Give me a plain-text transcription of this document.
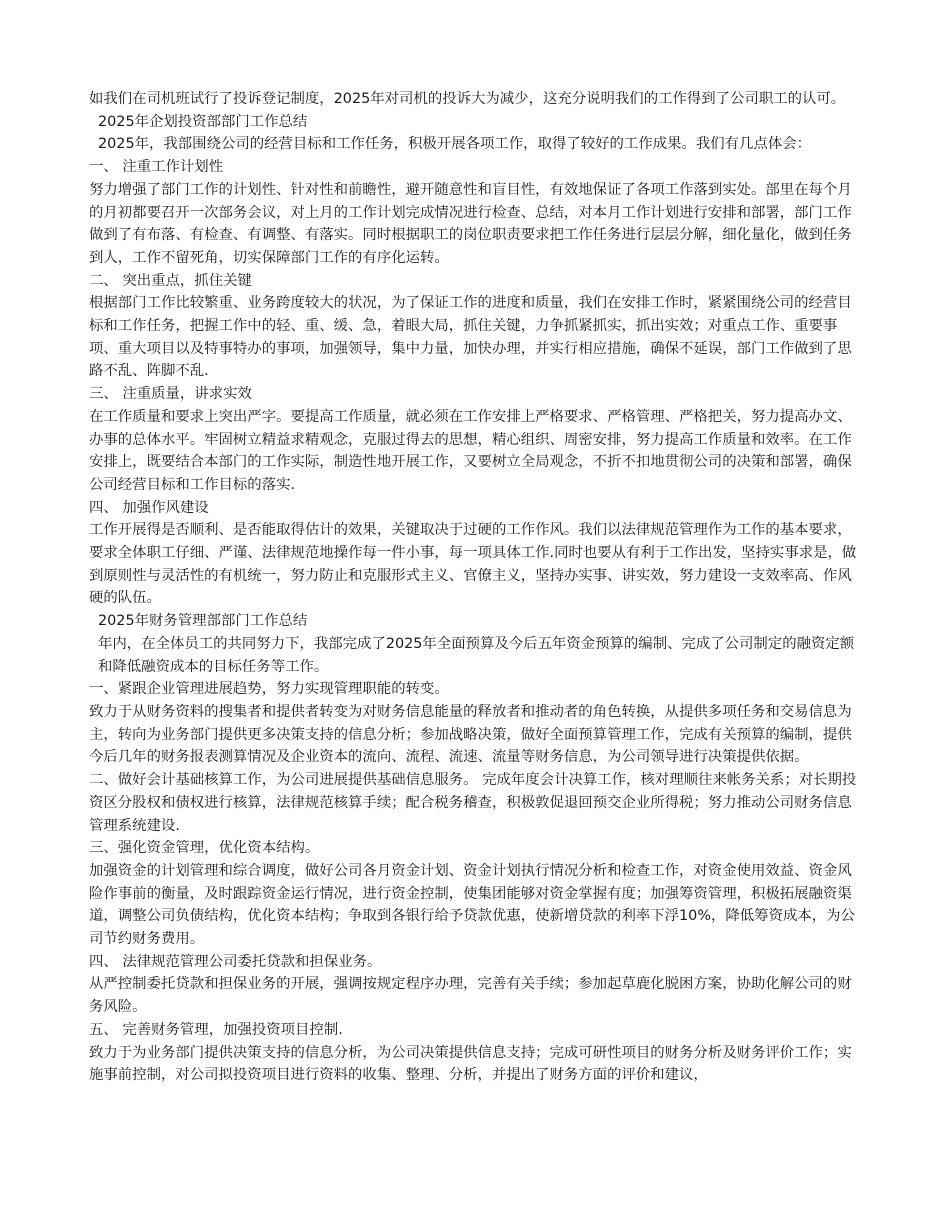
如我们在司机班试行了投诉登记制度，2025年对司机的投诉大为减少，这充分说明我们的工作得到了公司职工的认可。

2025年企划投资部部门工作总结

2025年，我部围绕公司的经营目标和工作任务，积极开展各项工作，取得了较好的工作成果。我们有几点体会：

一、 注重工作计划性

努力增强了部门工作的计划性、针对性和前瞻性，避开随意性和盲目性，有效地保证了各项工作落到实处。部里在每个月的月初都要召开一次部务会议，对上月的工作计划完成情况进行检查、总结，对本月工作计划进行安排和部署，部门工作做到了有布落、有检查、有调整、有落实。同时根据职工的岗位职责要求把工作任务进行层层分解，细化量化，做到任务到人，工作不留死角，切实保障部门工作的有序化运转。

二、 突出重点，抓住关键

根据部门工作比较繁重、业务跨度较大的状况，为了保证工作的进度和质量，我们在安排工作时，紧紧围绕公司的经营目标和工作任务，把握工作中的轻、重、缓、急，着眼大局，抓住关键，力争抓紧抓实，抓出实效；对重点工作、重要事项、重大项目以及特事特办的事项，加强领导，集中力量，加快办理，并实行相应措施，确保不延误，部门工作做到了思路不乱、阵脚不乱.

三、 注重质量，讲求实效

在工作质量和要求上突出严字。要提高工作质量，就必须在工作安排上严格要求、严格管理、严格把关，努力提高办文、办事的总体水平。牢固树立精益求精观念，克服过得去的思想，精心组织、周密安排，努力提高工作质量和效率。在工作安排上，既要结合本部门的工作实际，制造性地开展工作，又要树立全局观念，不折不扣地贯彻公司的决策和部署，确保公司经营目标和工作目标的落实.

四、 加强作风建设

工作开展得是否顺利、是否能取得估计的效果，关键取决于过硬的工作作风。我们以法律规范管理作为工作的基本要求，要求全体职工仔细、严谨、法律规范地操作每一件小事，每一项具体工作.同时也要从有利于工作出发，坚持实事求是，做到原则性与灵活性的有机统一，努力防止和克服形式主义、官僚主义，坚持办实事、讲实效，努力建设一支效率高、作风硬的队伍。

2025年财务管理部部门工作总结

年内，在全体员工的共同努力下，我部完成了2025年全面预算及今后五年资金预算的编制、完成了公司制定的融资定额和降低融资成本的目标任务等工作。

一、紧跟企业管理进展趋势，努力实现管理职能的转变。

致力于从财务资料的搜集者和提供者转变为对财务信息能量的释放者和推动者的角色转换，从提供多项任务和交易信息为主，转向为业务部门提供更多决策支持的信息分析；参加战略决策，做好全面预算管理工作，完成有关预算的编制，提供今后几年的财务报表测算情况及企业资本的流向、流程、流速、流量等财务信息，为公司领导进行决策提供依据。

二、做好会计基础核算工作，为公司进展提供基础信息服务。 完成年度会计决算工作，核对理顺往来帐务关系；对长期投资区分股权和债权进行核算，法律规范核算手续；配合税务稽查，积极敦促退回预交企业所得税；努力推动公司财务信息管理系统建设.

三、强化资金管理，优化资本结构。

加强资金的计划管理和综合调度，做好公司各月资金计划、资金计划执行情况分析和检查工作，对资金使用效益、资金风险作事前的衡量，及时跟踪资金运行情况，进行资金控制，使集团能够对资金掌握有度；加强筹资管理，积极拓展融资渠道，调整公司负债结构，优化资本结构；争取到各银行给予贷款优惠，使新增贷款的利率下浮10%，降低筹资成本，为公司节约财务费用。

四、 法律规范管理公司委托贷款和担保业务。

从严控制委托贷款和担保业务的开展，强调按规定程序办理，完善有关手续；参加起草鹿化脱困方案，协助化解公司的财务风险。

五、 完善财务管理，加强投资项目控制.

致力于为业务部门提供决策支持的信息分析，为公司决策提供信息支持；完成可研性项目的财务分析及财务评价工作；实施事前控制，对公司拟投资项目进行资料的收集、整理、分析，并提出了财务方面的评价和建议，
